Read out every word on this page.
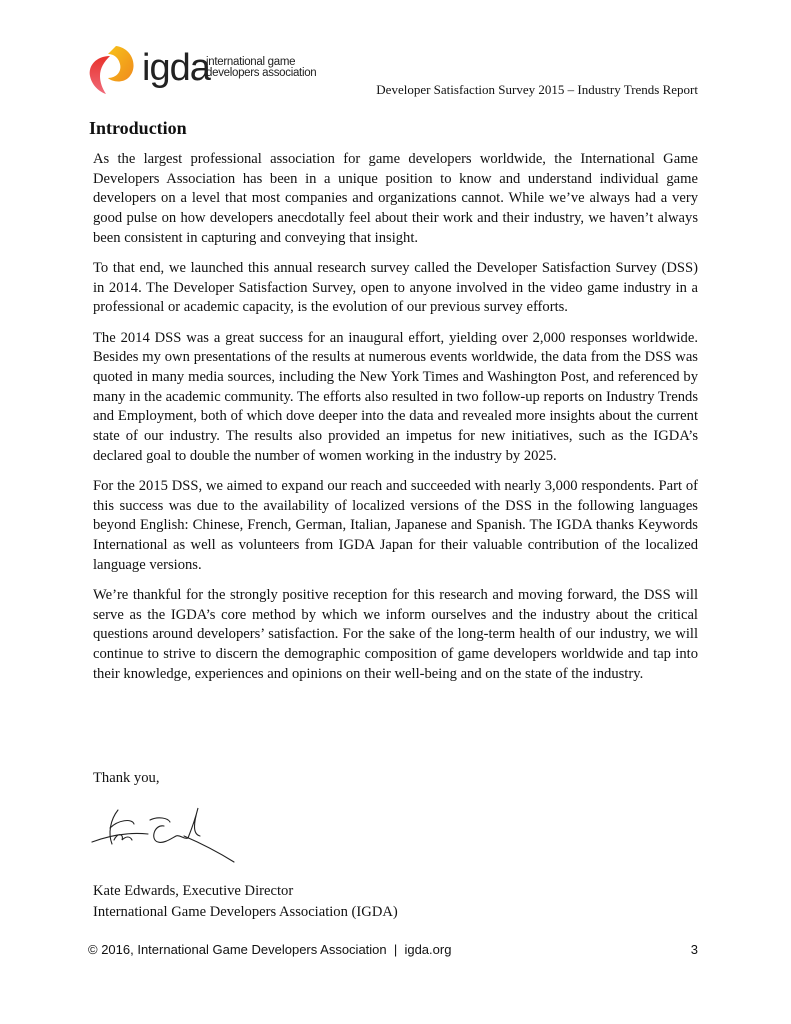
igda
international game
developers association
Developer Satisfaction Survey 2015 – Industry Trends Report
Introduction

As the largest professional association for game developers worldwide, the International Game Developers Association has been in a unique position to know and understand individual game developers on a level that most companies and organizations cannot. While we’ve always had a very good pulse on how developers anecdotally feel about their work and their industry, we haven’t always been consistent in capturing and conveying that insight.

To that end, we launched this annual research survey called the Developer Satisfaction Survey (DSS) in 2014. The Developer Satisfaction Survey, open to anyone involved in the video game industry in a professional or academic capacity, is the evolution of our previous survey efforts.

The 2014 DSS was a great success for an inaugural effort, yielding over 2,000 responses worldwide. Besides my own presentations of the results at numerous events worldwide, the data from the DSS was quoted in many media sources, including the New York Times and Washington Post, and referenced by many in the academic community. The efforts also resulted in two follow-up reports on Industry Trends and Employment, both of which dove deeper into the data and revealed more insights about the current state of our industry. The results also provided an impetus for new initiatives, such as the IGDA’s declared goal to double the number of women working in the industry by 2025.

For the 2015 DSS, we aimed to expand our reach and succeeded with nearly 3,000 respondents. Part of this success was due to the availability of localized versions of the DSS in the following languages beyond English: Chinese, French, German, Italian, Japanese and Spanish. The IGDA thanks Keywords International as well as volunteers from IGDA Japan for their valuable contribution of the localized language versions.

We’re thankful for the strongly positive reception for this research and moving forward, the DSS will serve as the IGDA’s core method by which we inform ourselves and the industry about the critical questions around developers’ satisfaction. For the sake of the long-term health of our industry, we will continue to strive to discern the demographic composition of game developers worldwide and tap into their knowledge, experiences and opinions on their well-being and on the state of the industry.

Thank you,
Kate Edwards, Executive Director
International Game Developers Association (IGDA)
© 2016, International Game Developers Association  |  igda.org	3
